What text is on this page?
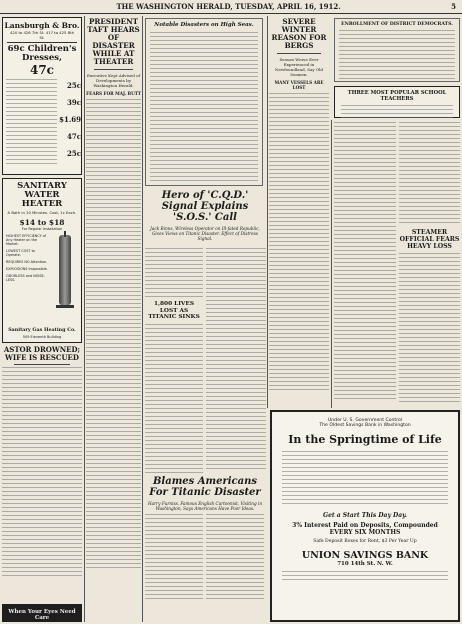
THE WASHINGTON HERALD, TUESDAY, APRIL 16, 1912.	5
Lansburgh & Bro.
420 to 426 7th St. 417 to 425 8th St.
69c Children's Dresses,
47c
25c
39c
$1.69
47c
25c
SANITARY WATER HEATER
A Bath in 10 Minutes. Cost, 1c Each.
$14 to $18
For Regular Installation
HIGHEST EFFICIENCY of Any Heater on the Market.
LOWEST COST to Operate.
REQUIRES NO Attention.
EXPLOSIONS Impossible.
ODORLESS and NOISE-LESS.
Sanitary Gas Heating Co.
509 Eleventh Building
ASTOR DROWNED; WIFE IS RESCUED
When Your Eyes Need Care
PRESIDENT TAFT HEARS OF DISASTER WHILE AT THEATER
Executive Kept Advised of Developments by Washington Herald.
FEARS FOR MAJ. BUTT
Notable Disasters on High Seas.
Hero of 'C.Q.D.' Signal Explains 'S.O.S.' Call
Jack Binns, Wireless Operator on Ill-fated Republic, Gives Views on Titanic Disaster. Effect of Distress Signal.
1,800 LIVES LOST AS TITANIC SINKS
Blames Americans For Titanic Disaster
Harry Furniss, Famous English Cartoonist, Visiting in Washington, Says Americans Have Poor Ideas.
SEVERE WINTER REASON FOR BERGS
Season Worse Ever Experienced in Newfoundland, Say Old Seamen.
MANY VESSELS ARE LOST
ENROLLMENT OF DISTRICT DEMOCRATS.
THREE MOST POPULAR SCHOOL TEACHERS
STEAMER OFFICIAL FEARS HEAVY LOSS
Under U. S. Government Control
The Oldest Savings Bank in Washington
In the Springtime of Life
Get a Start This Day Day.
3% Interest Paid on Deposits, Compounded EVERY SIX MONTHS
Safe Deposit Boxes for Rent, $3 Per Year Up
UNION SAVINGS BANK
710 14th St. N. W.
